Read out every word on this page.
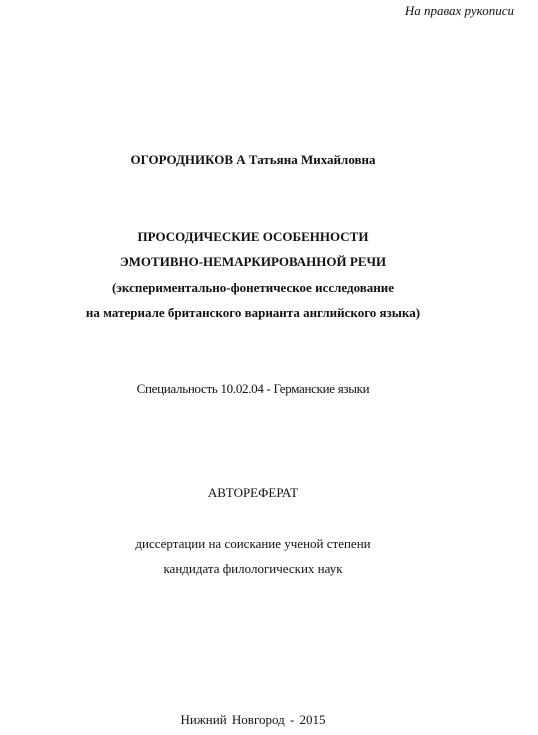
На правах рукописи
ОГОРОДНИКОВ А Татьяна Михайловна
ПРОСОДИЧЕСКИЕ ОСОБЕННОСТИ
ЭМОТИВНО-НЕМАРКИРОВАННОЙ РЕЧИ
(экспериментально-фонетическое исследование
на материале британского варианта английского языка)
Специальность 10.02.04 - Германские языки
АВТОРЕФЕРАТ
диссертации на соискание ученой степени
кандидата филологических наук
Нижний Новгород - 2015
